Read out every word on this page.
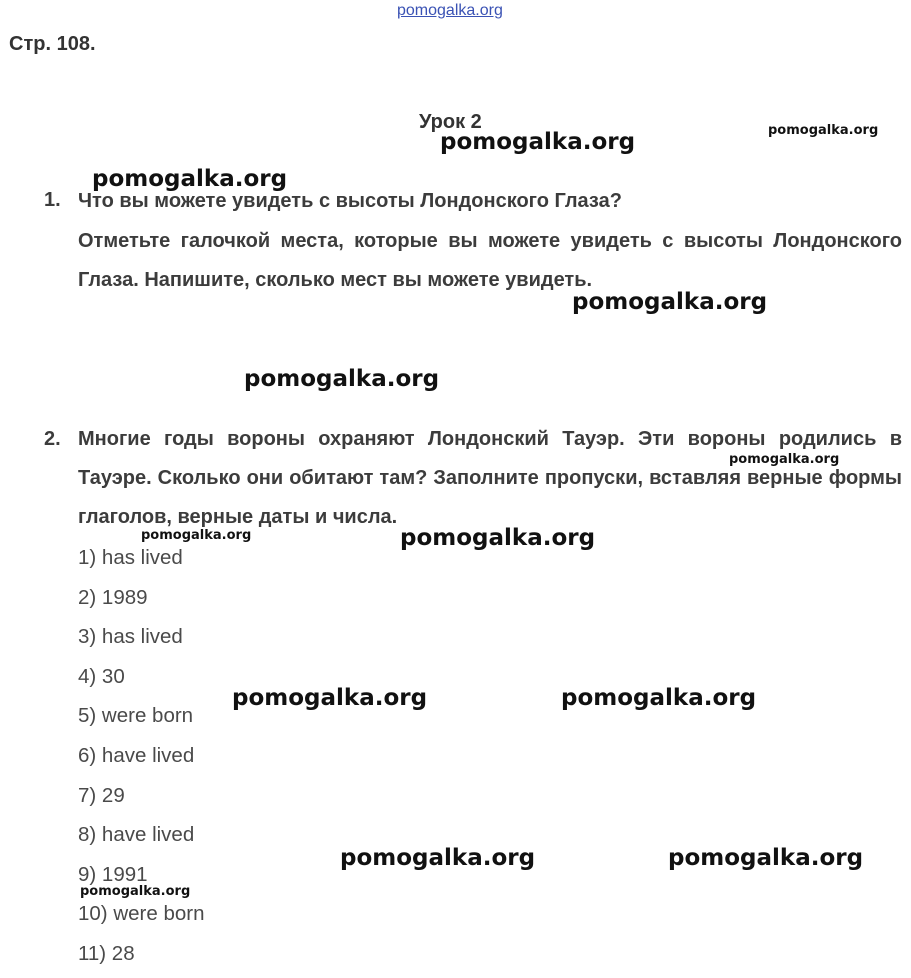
pomogalka.org
Стр. 108.
Урок 2
1. Что вы можете увидеть с высоты Лондонского Глаза?
Отметьте галочкой места, которые вы можете увидеть с высоты Лондонского Глаза. Напишите, сколько мест вы можете увидеть.
2. Многие годы вороны охраняют Лондонский Тауэр. Эти вороны родились в Тауэре. Сколько они обитают там? Заполните пропуски, вставляя верные формы глаголов, верные даты и числа.
1) has lived
2) 1989
3) has lived
4) 30
5) were born
6) have lived
7) 29
8) have lived
9) 1991
10) were born
11) 28
pomogalka.org	pomogalka.org
pomogalka.org
pomogalka.org
pomogalka.org
pomogalka.org
pomogalka.org	pomogalka.org
pomogalka.org	pomogalka.org
pomogalka.org	pomogalka.org
pomogalka.org
